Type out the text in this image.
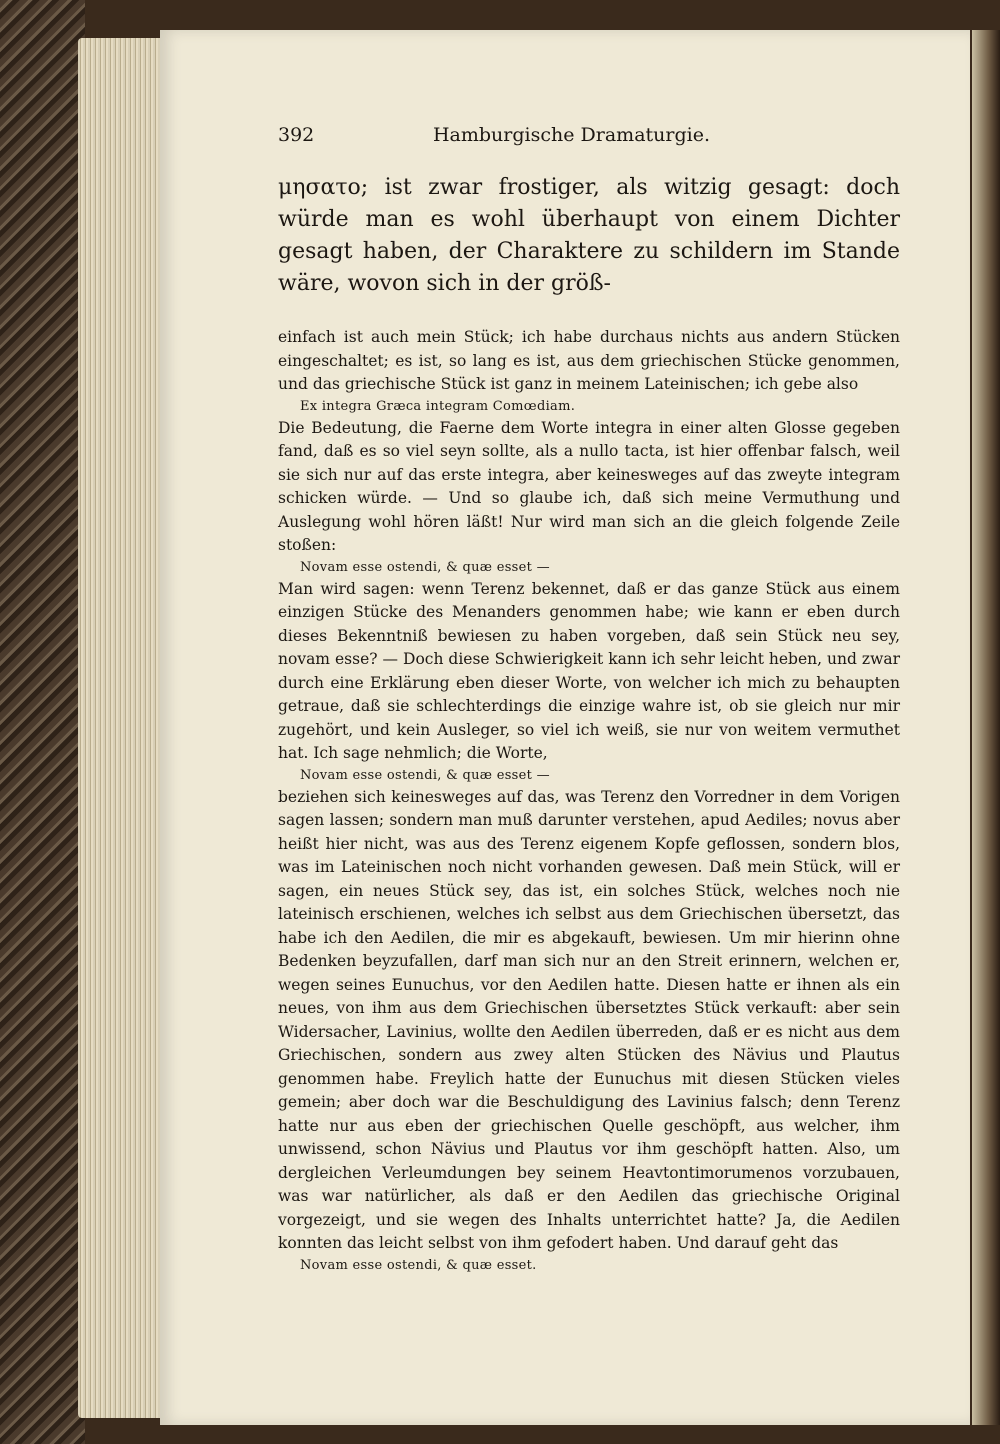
392	Hamburgische Dramaturgie.

μησατο; ist zwar frostiger, als witzig gesagt: doch würde man es wohl überhaupt von einem Dichter gesagt haben, der Charaktere zu schildern im Stande wäre, wovon sich in der größ-

einfach ist auch mein Stück; ich habe durchaus nichts aus andern Stücken eingeschaltet; es ist, so lang es ist, aus dem griechischen Stücke genommen, und das griechische Stück ist ganz in meinem Lateinischen; ich gebe also

Ex integra Græca integram Comœdiam.

Die Bedeutung, die Faerne dem Worte integra in einer alten Glosse gegeben fand, daß es so viel seyn sollte, als a nullo tacta, ist hier offenbar falsch, weil sie sich nur auf das erste integra, aber keinesweges auf das zweyte integram schicken würde. — Und so glaube ich, daß sich meine Vermuthung und Auslegung wohl hören läßt! Nur wird man sich an die gleich folgende Zeile stoßen:

Novam esse ostendi, & quæ esset —

Man wird sagen: wenn Terenz bekennet, daß er das ganze Stück aus einem einzigen Stücke des Menanders genommen habe; wie kann er eben durch dieses Bekenntniß bewiesen zu haben vorgeben, daß sein Stück neu sey, novam esse? — Doch diese Schwierigkeit kann ich sehr leicht heben, und zwar durch eine Erklärung eben dieser Worte, von welcher ich mich zu behaupten getraue, daß sie schlechterdings die einzige wahre ist, ob sie gleich nur mir zugehört, und kein Ausleger, so viel ich weiß, sie nur von weitem vermuthet hat. Ich sage nehmlich; die Worte,

Novam esse ostendi, & quæ esset —

beziehen sich keinesweges auf das, was Terenz den Vorredner in dem Vorigen sagen lassen; sondern man muß darunter verstehen, apud Aediles; novus aber heißt hier nicht, was aus des Terenz eigenem Kopfe geflossen, sondern blos, was im Lateinischen noch nicht vorhanden gewesen. Daß mein Stück, will er sagen, ein neues Stück sey, das ist, ein solches Stück, welches noch nie lateinisch erschienen, welches ich selbst aus dem Griechischen übersetzt, das habe ich den Aedilen, die mir es abgekauft, bewiesen. Um mir hierinn ohne Bedenken beyzufallen, darf man sich nur an den Streit erinnern, welchen er, wegen seines Eunuchus, vor den Aedilen hatte. Diesen hatte er ihnen als ein neues, von ihm aus dem Griechischen übersetztes Stück verkauft: aber sein Widersacher, Lavinius, wollte den Aedilen überreden, daß er es nicht aus dem Griechischen, sondern aus zwey alten Stücken des Nävius und Plautus genommen habe. Freylich hatte der Eunuchus mit diesen Stücken vieles gemein; aber doch war die Beschuldigung des Lavinius falsch; denn Terenz hatte nur aus eben der griechischen Quelle geschöpft, aus welcher, ihm unwissend, schon Nävius und Plautus vor ihm geschöpft hatten. Also, um dergleichen Verleumdungen bey seinem Heavtontimorumenos vorzubauen, was war natürlicher, als daß er den Aedilen das griechische Original vorgezeigt, und sie wegen des Inhalts unterrichtet hatte? Ja, die Aedilen konnten das leicht selbst von ihm gefodert haben. Und darauf geht das

Novam esse ostendi, & quæ esset.
